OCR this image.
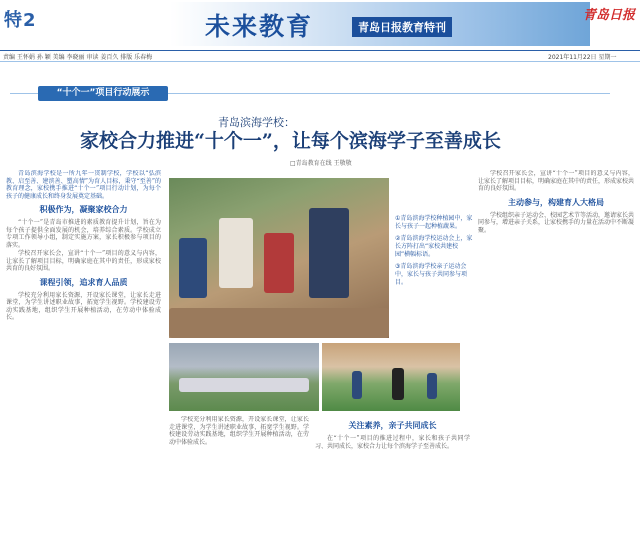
特2	未来教育	青岛日报教育特刊
青岛日报
责编 王怀娟 孙 颖 美编 李晓丽 审读 姜百久 排版 乐春梅	2021年11月22日 星期一
“十个一”项目行动展示
青岛滨海学校：
家校合力推进“十个一”，让每个滨海学子至善成长
□青岛教育在线 王敬敬

青岛滨海学校是一所九年一贯制学校，学校以“弘滨教、启至善、建滨善、塑高情”为育人目标，秉守“至善”的教育理念，家校携手推进“十个一”项目行动计划，为每个孩子的健康成长和终身发展奠定基础。

积极作为，凝聚家校合力

“十个一”是青岛市推进的素质教育提升计划，旨在为每个孩子提供全面发展的机会，培养综合素质。学校成立专项工作领导小组，制定实施方案，家长积极参与项目的落实。

学校召开家长会，宣讲“十个一”项目的意义与内容，让家长了解项目目标，明确家庭在其中的责任，形成家校共育的良好氛围。

课程引领，追求育人品质

学校充分利用家长资源，开设家长课堂，让家长走进课堂，为学生讲述职业故事，拓宽学生视野。学校建设劳动实践基地，组织学生开展种植活动，在劳动中体验成长。

①青岛滨海学校种植园中，家长与孩子一起种植蔬果。

②青岛滨海学校运动会上，家长方阵打出“家校共建校园”横幅标语。

③青岛滨海学校亲子运动会中，家长与孩子共同参与项目。

学校召开家长会，宣讲“十个一”项目的意义与内容，让家长了解项目目标，明确家庭在其中的责任，形成家校共育的良好氛围。

主动参与，构建育人大格局

学校组织亲子运动会、校园艺术节等活动，邀请家长共同参与，增进亲子关系，让家校携手的力量在活动中不断凝聚。

学校充分利用家长资源，开设家长课堂，让家长走进课堂，为学生讲述职业故事，拓宽学生视野。学校建设劳动实践基地，组织学生开展种植活动，在劳动中体验成长。

关注素养，亲子共同成长

在“十个一”项目的推进过程中，家长和孩子共同学习、共同成长，家校合力让每个滨海学子至善成长。
